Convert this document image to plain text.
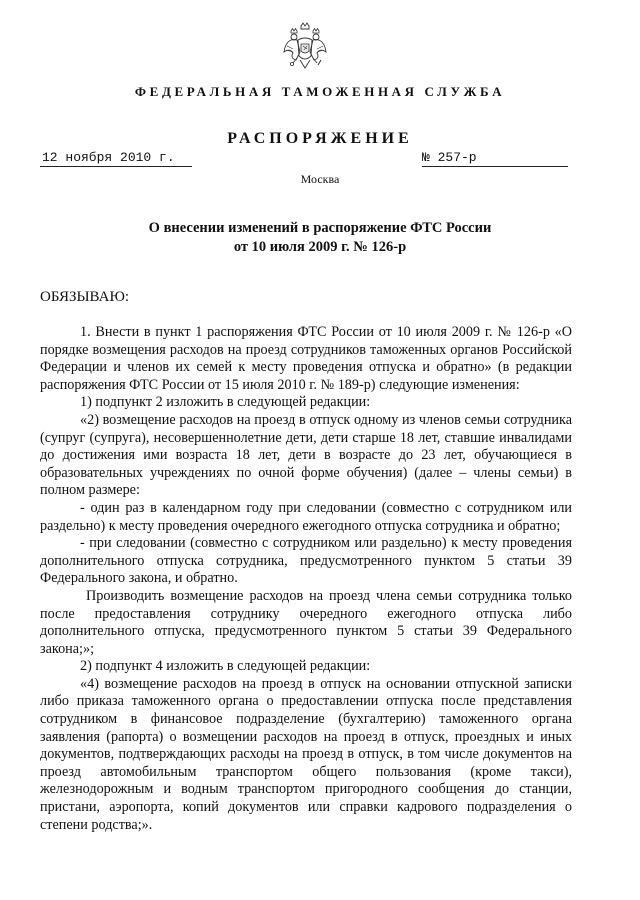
ФЕДЕРАЛЬНАЯ ТАМОЖЕННАЯ СЛУЖБА
РАСПОРЯЖЕНИЕ
12 ноября 2010 г.	№ 257-р
Москва
О внесении изменений в распоряжение ФТС России
от 10 июля 2009 г. № 126-р
ОБЯЗЫВАЮ:

1. Внести в пункт 1 распоряжения ФТС России от 10 июля 2009 г. № 126-р «О порядке возмещения расходов на проезд сотрудников таможенных органов Российской Федерации и членов их семей к месту проведения отпуска и обратно» (в редакции распоряжения ФТС России от 15 июля 2010 г. № 189-р) следующие изменения:

1) подпункт 2 изложить в следующей редакции:

«2) возмещение расходов на проезд в отпуск одному из членов семьи сотрудника (супруг (супруга), несовершеннолетние дети, дети старше 18 лет, ставшие инвалидами до достижения ими возраста 18 лет, дети в возрасте до 23 лет, обучающиеся в образовательных учреждениях по очной форме обучения) (далее – члены семьи) в полном размере:

- один раз в календарном году при следовании (совместно с сотрудником или раздельно) к месту проведения очередного ежегодного отпуска сотрудника и обратно;

- при следовании (совместно с сотрудником или раздельно) к месту проведения дополнительного отпуска сотрудника, предусмотренного пунктом 5 статьи 39 Федерального закона, и обратно.

Производить возмещение расходов на проезд члена семьи сотрудника только после предоставления сотруднику очередного ежегодного отпуска либо дополнительного отпуска, предусмотренного пунктом 5 статьи 39 Федерального закона;»;

2) подпункт 4 изложить в следующей редакции:

«4) возмещение расходов на проезд в отпуск на основании отпускной записки либо приказа таможенного органа о предоставлении отпуска после представления сотрудником в финансовое подразделение (бухгалтерию) таможенного органа заявления (рапорта) о возмещении расходов на проезд в отпуск, проездных и иных документов, подтверждающих расходы на проезд в отпуск, в том числе документов на проезд автомобильным транспортом общего пользования (кроме такси), железнодорожным и водным транспортом пригородного сообщения до станции, пристани, аэропорта, копий документов или справки кадрового подразделения о степени родства;».
